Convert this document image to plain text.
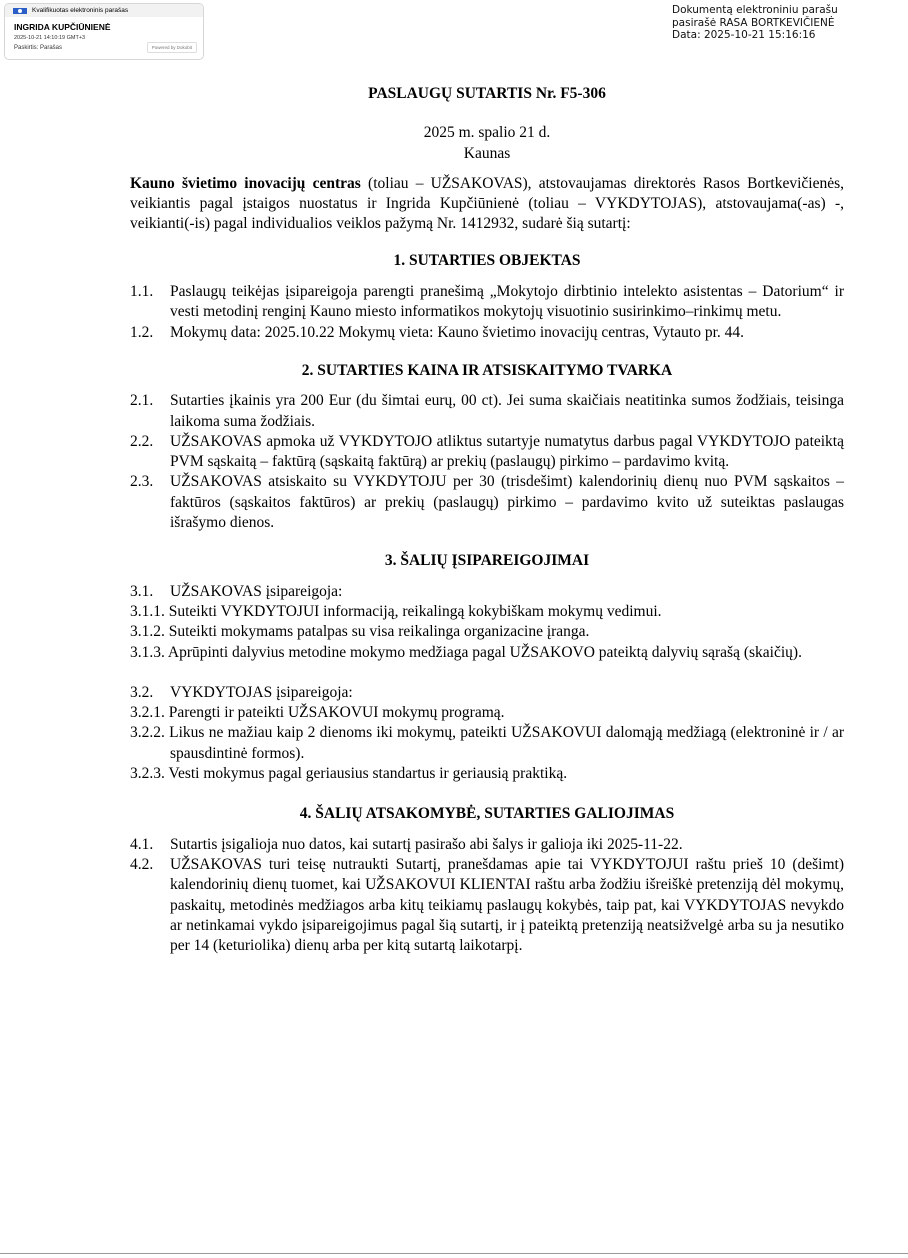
Kvalifikuotas elektroninis parašas
INGRIDA KUPČIŪNIENĖ
2025-10-21 14:10:19 GMT+3
Paskirtis: Parašas	Powered by Dokobit
Dokumentą elektroniniu parašu
pasirašė RASA BORTKEVIČIENĖ
Data: 2025-10-21 15:16:16

PASLAUGŲ SUTARTIS Nr. F5-306

2025 m. spalio 21 d.
Kaunas

Kauno švietimo inovacijų centras (toliau – UŽSAKOVAS), atstovaujamas direktorės Rasos Bortkevičienės, veikiantis pagal įstaigos nuostatus ir Ingrida Kupčiūnienė (toliau – VYKDYTOJAS), atstovaujama(-as) -, veikianti(-is) pagal individualios veiklos pažymą Nr. 1412932, sudarė šią sutartį:

1. SUTARTIES OBJEKTAS
1.1.	Paslaugų teikėjas įsipareigoja parengti pranešimą „Mokytojo dirbtinio intelekto asistentas – Datorium“ ir vesti metodinį renginį Kauno miesto informatikos mokytojų visuotinio susirinkimo–rinkimų metu.
1.2.	Mokymų data: 2025.10.22 Mokymų vieta: Kauno švietimo inovacijų centras, Vytauto pr. 44.
2. SUTARTIES KAINA IR ATSISKAITYMO TVARKA
2.1.	Sutarties įkainis yra 200 Eur (du šimtai eurų, 00 ct). Jei suma skaičiais neatitinka sumos žodžiais, teisinga laikoma suma žodžiais.
2.2.	UŽSAKOVAS apmoka už VYKDYTOJO atliktus sutartyje numatytus darbus pagal VYKDYTOJO pateiktą PVM sąskaitą – faktūrą (sąskaitą faktūrą) ar prekių (paslaugų) pirkimo – pardavimo kvitą.
2.3.	UŽSAKOVAS atsiskaito su VYKDYTOJU per 30 (trisdešimt) kalendorinių dienų nuo PVM sąskaitos – faktūros (sąskaitos faktūros) ar prekių (paslaugų) pirkimo – pardavimo kvito už suteiktas paslaugas išrašymo dienos.
3. ŠALIŲ ĮSIPAREIGOJIMAI
3.1.	UŽSAKOVAS įsipareigoja:
3.1.1. Suteikti VYKDYTOJUI informaciją, reikalingą kokybiškam mokymų vedimui.
3.1.2. Suteikti mokymams patalpas su visa reikalinga organizacine įranga.
3.1.3. Aprūpinti dalyvius metodine mokymo medžiaga pagal UŽSAKOVO pateiktą dalyvių sąrašą (skaičių).
3.2.	VYKDYTOJAS įsipareigoja:
3.2.1. Parengti ir pateikti UŽSAKOVUI mokymų programą.
3.2.2. Likus ne mažiau kaip 2 dienoms iki mokymų, pateikti UŽSAKOVUI dalomąją medžiagą (elektroninė ir / ar spausdintinė formos).
3.2.3. Vesti mokymus pagal geriausius standartus ir geriausią praktiką.
4. ŠALIŲ ATSAKOMYBĖ, SUTARTIES GALIOJIMAS
4.1.	Sutartis įsigalioja nuo datos, kai sutartį pasirašo abi šalys ir galioja iki 2025-11-22.
4.2.	UŽSAKOVAS turi teisę nutraukti Sutartį, pranešdamas apie tai VYKDYTOJUI raštu prieš 10 (dešimt) kalendorinių dienų tuomet, kai UŽSAKOVUI KLIENTAI raštu arba žodžiu išreiškė pretenziją dėl mokymų, paskaitų, metodinės medžiagos arba kitų teikiamų paslaugų kokybės, taip pat, kai VYKDYTOJAS nevykdo ar netinkamai vykdo įsipareigojimus pagal šią sutartį, ir į pateiktą pretenziją neatsižvelgė arba su ja nesutiko per 14 (keturiolika) dienų arba per kitą sutartą laikotarpį.
